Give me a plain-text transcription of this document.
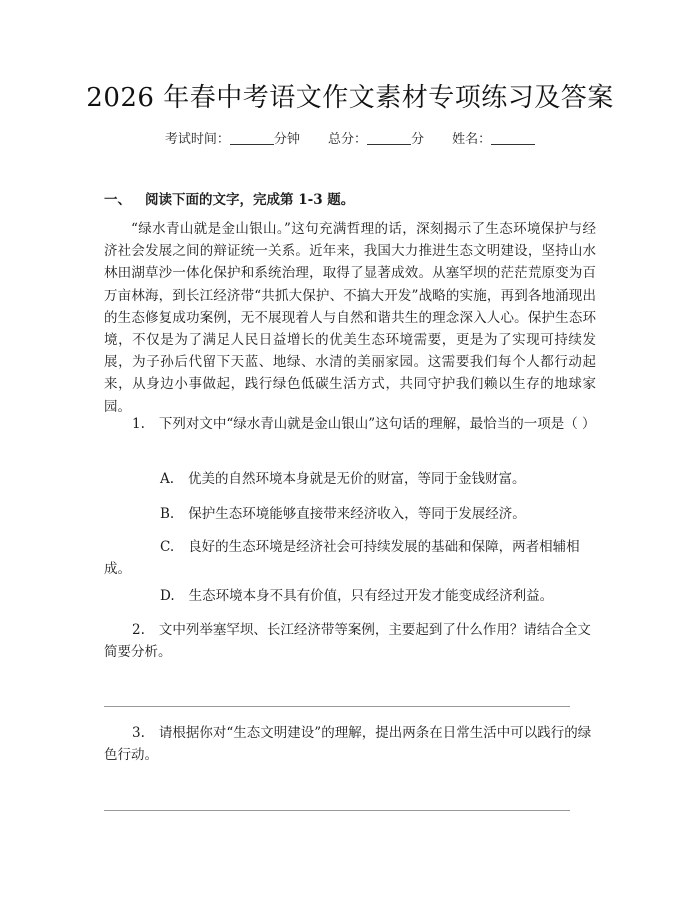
2026 年春中考语文作文素材专项练习及答案
考试时间：	分钟 总分：	分 姓名：
一、 阅读下面的文字，完成第 1-3 题。

“绿水青山就是金山银山。”这句充满哲理的话，深刻揭示了生态环境保护与经济社会发展之间的辩证统一关系。近年来，我国大力推进生态文明建设，坚持山水林田湖草沙一体化保护和系统治理，取得了显著成效。从塞罕坝的茫茫荒原变为百万亩林海，到长江经济带“共抓大保护、不搞大开发”战略的实施，再到各地涌现出的生态修复成功案例，无不展现着人与自然和谐共生的理念深入人心。保护生态环境，不仅是为了满足人民日益增长的优美生态环境需要，更是为了实现可持续发展，为子孙后代留下天蓝、地绿、水清的美丽家园。这需要我们每个人都行动起来，从身边小事做起，践行绿色低碳生活方式，共同守护我们赖以生存的地球家园。

1. 下列对文中“绿水青山就是金山银山”这句话的理解，最恰当的一项是（ ）

A. 优美的自然环境本身就是无价的财富，等同于金钱财富。

B. 保护生态环境能够直接带来经济收入，等同于发展经济。

C. 良好的生态环境是经济社会可持续发展的基础和保障，两者相辅相成。

D. 生态环境本身不具有价值，只有经过开发才能变成经济利益。

2. 文中列举塞罕坝、长江经济带等案例，主要起到了什么作用？请结合全文简要分析。

3. 请根据你对“生态文明建设”的理解，提出两条在日常生活中可以践行的绿色行动。
